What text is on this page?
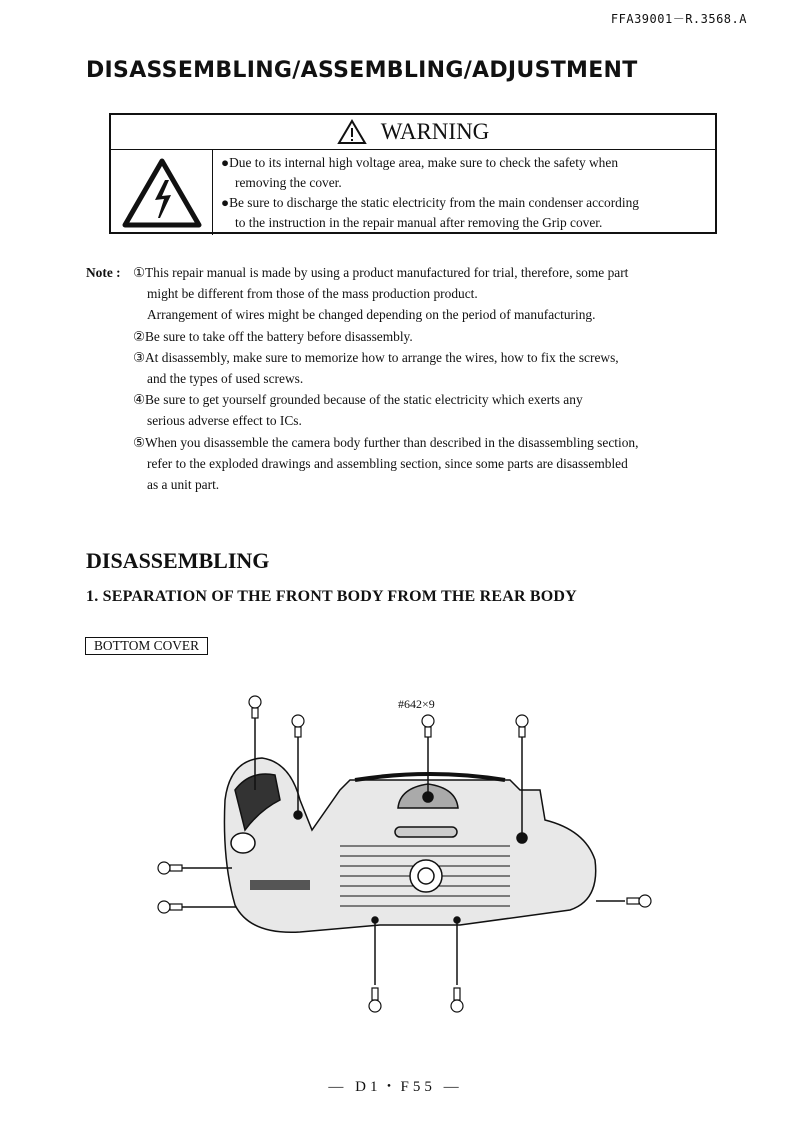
FFA39001－R.3568.A
DISASSEMBLING/ASSEMBLING/ADJUSTMENT
WARNING
●Due to its internal high voltage area, make sure to check the safety when
removing the cover.
●Be sure to discharge the static electricity from the main condenser according
to the instruction in the repair manual after removing the Grip cover.
Note : ①This repair manual is made by using a product manufactured for trial, therefore, some part
might be different from those of the mass production product.
Arrangement of wires might be changed depending on the period of manufacturing.
②Be sure to take off the battery before disassembly.
③At disassembly, make sure to memorize how to arrange the wires, how to fix the screws,
and the types of used screws.
④Be sure to get yourself grounded because of the static electricity which exerts any
serious adverse effect to ICs.
⑤When you disassemble the camera body further than described in the disassembling section,
refer to the exploded drawings and assembling section, since some parts are disassembled
as a unit part.
DISASSEMBLING
1. SEPARATION OF THE FRONT BODY FROM THE REAR BODY
BOTTOM COVER
#642×9
— D1・F55 —
